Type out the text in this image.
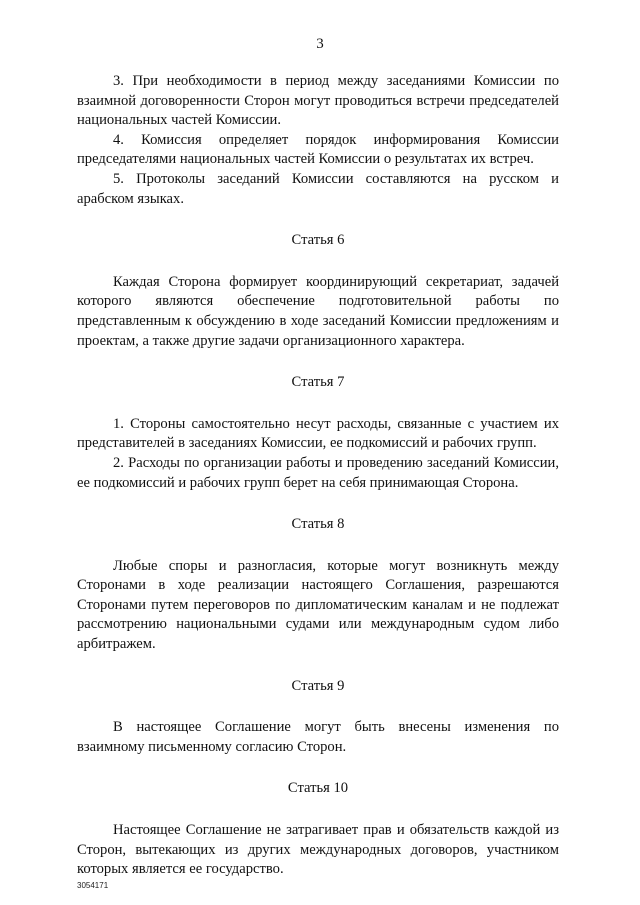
3

3. При необходимости в период между заседаниями Комиссии по взаимной договоренности Сторон могут проводиться встречи председателей национальных частей Комиссии.

4. Комиссия определяет порядок информирования Комиссии председателями национальных частей Комиссии о результатах их встреч.

5. Протоколы заседаний Комиссии составляются на русском и арабском языках.

Статья 6

Каждая Сторона формирует координирующий секретариат, задачей которого являются обеспечение подготовительной работы по представленным к обсуждению в ходе заседаний Комиссии предложениям и проектам, а также другие задачи организационного характера.

Статья 7

1. Стороны самостоятельно несут расходы, связанные с участием их представителей в заседаниях Комиссии, ее подкомиссий и рабочих групп.

2. Расходы по организации работы и проведению заседаний Комиссии, ее подкомиссий и рабочих групп берет на себя принимающая Сторона.

Статья 8

Любые споры и разногласия, которые могут возникнуть между Сторонами в ходе реализации настоящего Соглашения, разрешаются Сторонами путем переговоров по дипломатическим каналам и не подлежат рассмотрению национальными судами или международным судом либо арбитражем.

Статья 9

В настоящее Соглашение могут быть внесены изменения по взаимному письменному согласию Сторон.

Статья 10

Настоящее Соглашение не затрагивает прав и обязательств каждой из Сторон, вытекающих из других международных договоров, участником которых является ее государство.

3054171
